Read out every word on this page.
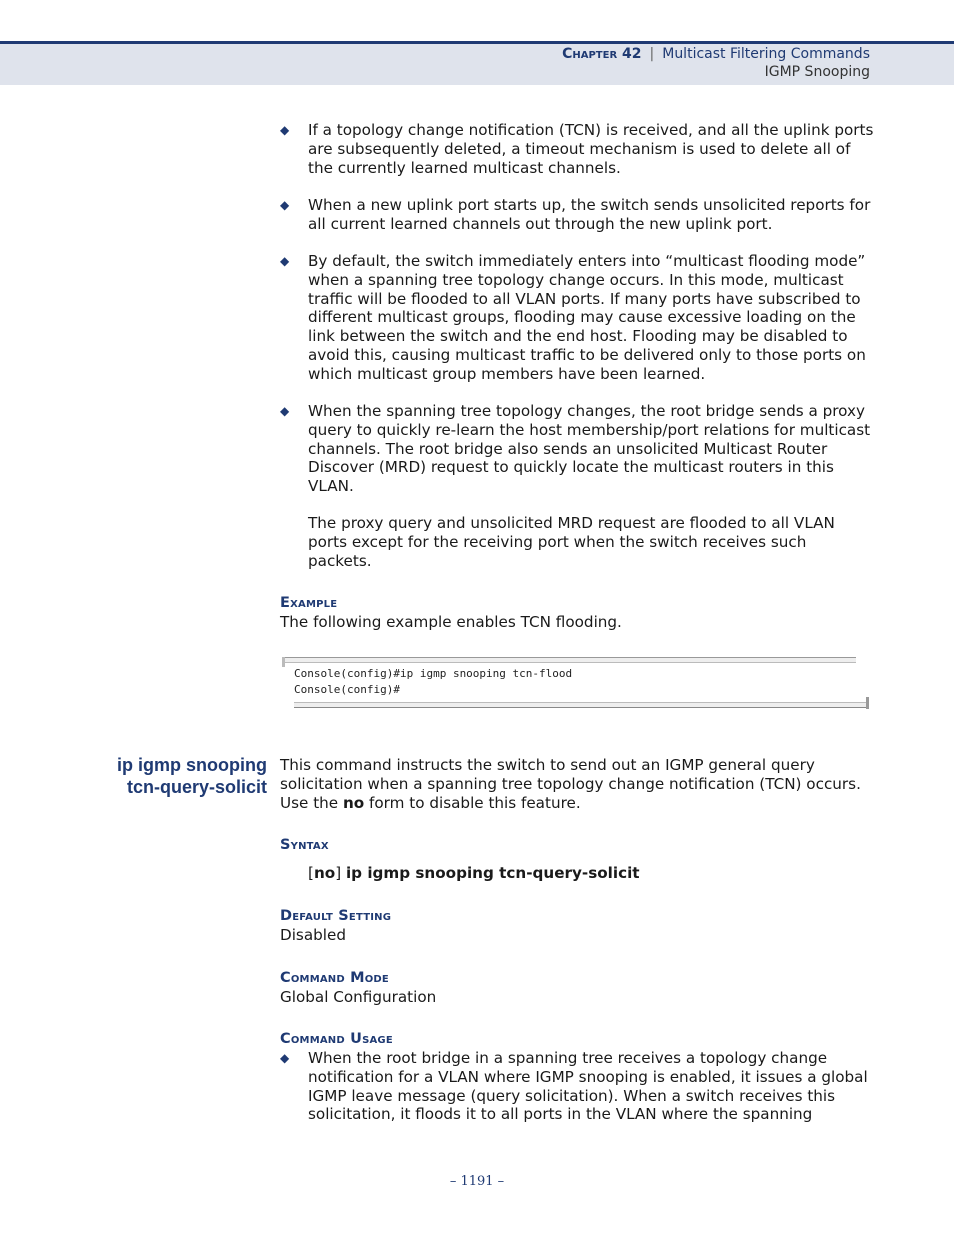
Chapter 42 | Multicast Filtering Commands
IGMP Snooping
◆	If a topology change notification (TCN) is received, and all the uplink ports are subsequently deleted, a timeout mechanism is used to delete all of the currently learned multicast channels.
◆	When a new uplink port starts up, the switch sends unsolicited reports for all current learned channels out through the new uplink port.
◆	By default, the switch immediately enters into “multicast flooding mode” when a spanning tree topology change occurs. In this mode, multicast traffic will be flooded to all VLAN ports. If many ports have subscribed to different multicast groups, flooding may cause excessive loading on the link between the switch and the end host. Flooding may be disabled to avoid this, causing multicast traffic to be delivered only to those ports on which multicast group members have been learned.
◆	When the spanning tree topology changes, the root bridge sends a proxy query to quickly re-learn the host membership/port relations for multicast channels. The root bridge also sends an unsolicited Multicast Router Discover (MRD) request to quickly locate the multicast routers in this VLAN.
The proxy query and unsolicited MRD request are flooded to all VLAN ports except for the receiving port when the switch receives such packets.
Example
The following example enables TCN flooding.
Console(config)#ip igmp snooping tcn-flood
Console(config)#
ip igmp snooping
tcn-query-solicit
This command instructs the switch to send out an IGMP general query solicitation when a spanning tree topology change notification (TCN) occurs. Use the no form to disable this feature.
Syntax
[no] ip igmp snooping tcn-query-solicit
Default Setting
Disabled
Command Mode
Global Configuration
Command Usage
◆	When the root bridge in a spanning tree receives a topology change notification for a VLAN where IGMP snooping is enabled, it issues a global IGMP leave message (query solicitation). When a switch receives this solicitation, it floods it to all ports in the VLAN where the spanning
– 1191 –
